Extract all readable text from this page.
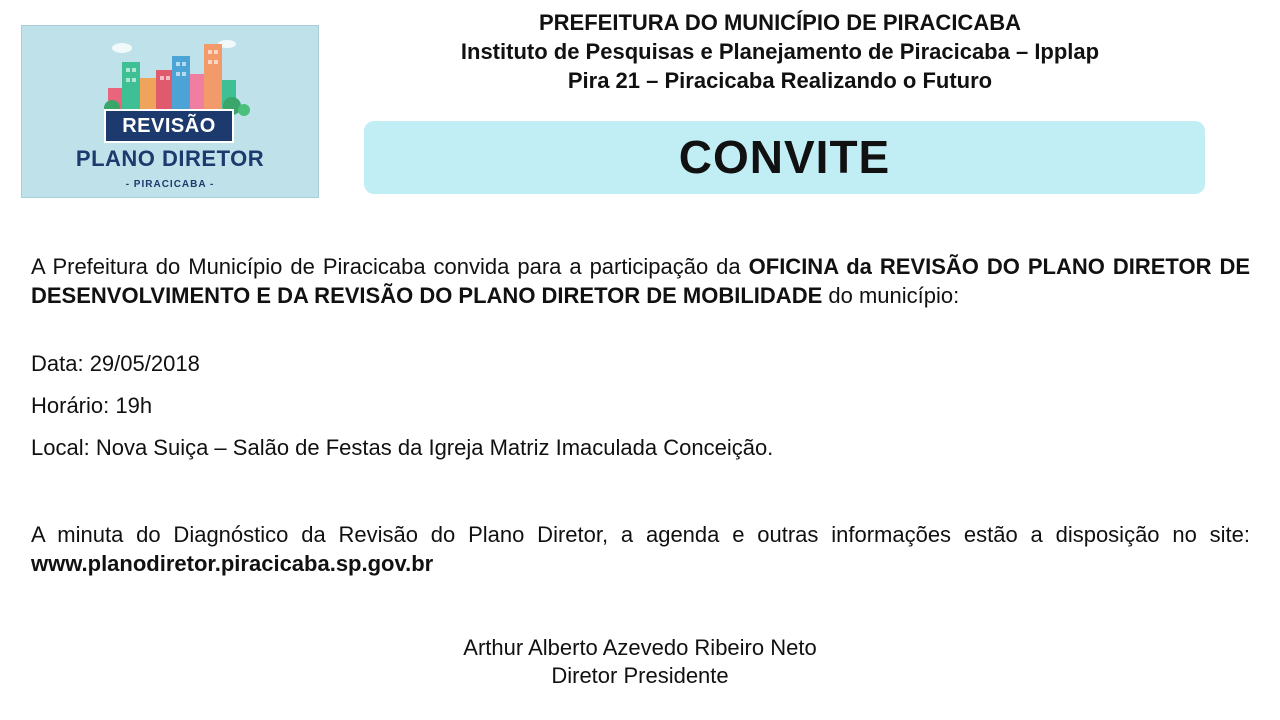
REVISÃO
PLANO DIRETOR
- PIRACICABA -
PREFEITURA DO MUNICÍPIO DE PIRACICABA
Instituto de Pesquisas e Planejamento de Piracicaba – Ipplap
Pira 21 – Piracicaba Realizando o Futuro
CONVITE
A Prefeitura do Município de Piracicaba convida para a participação da OFICINA da REVISÃO DO PLANO DIRETOR DE DESENVOLVIMENTO E DA REVISÃO DO PLANO DIRETOR DE MOBILIDADE do município:
Data: 29/05/2018
Horário: 19h
Local: Nova Suiça – Salão de Festas da Igreja Matriz Imaculada Conceição.
A minuta do Diagnóstico da Revisão do Plano Diretor, a agenda e outras informações estão a disposição no site: www.planodiretor.piracicaba.sp.gov.br
Arthur Alberto Azevedo Ribeiro Neto
Diretor Presidente
